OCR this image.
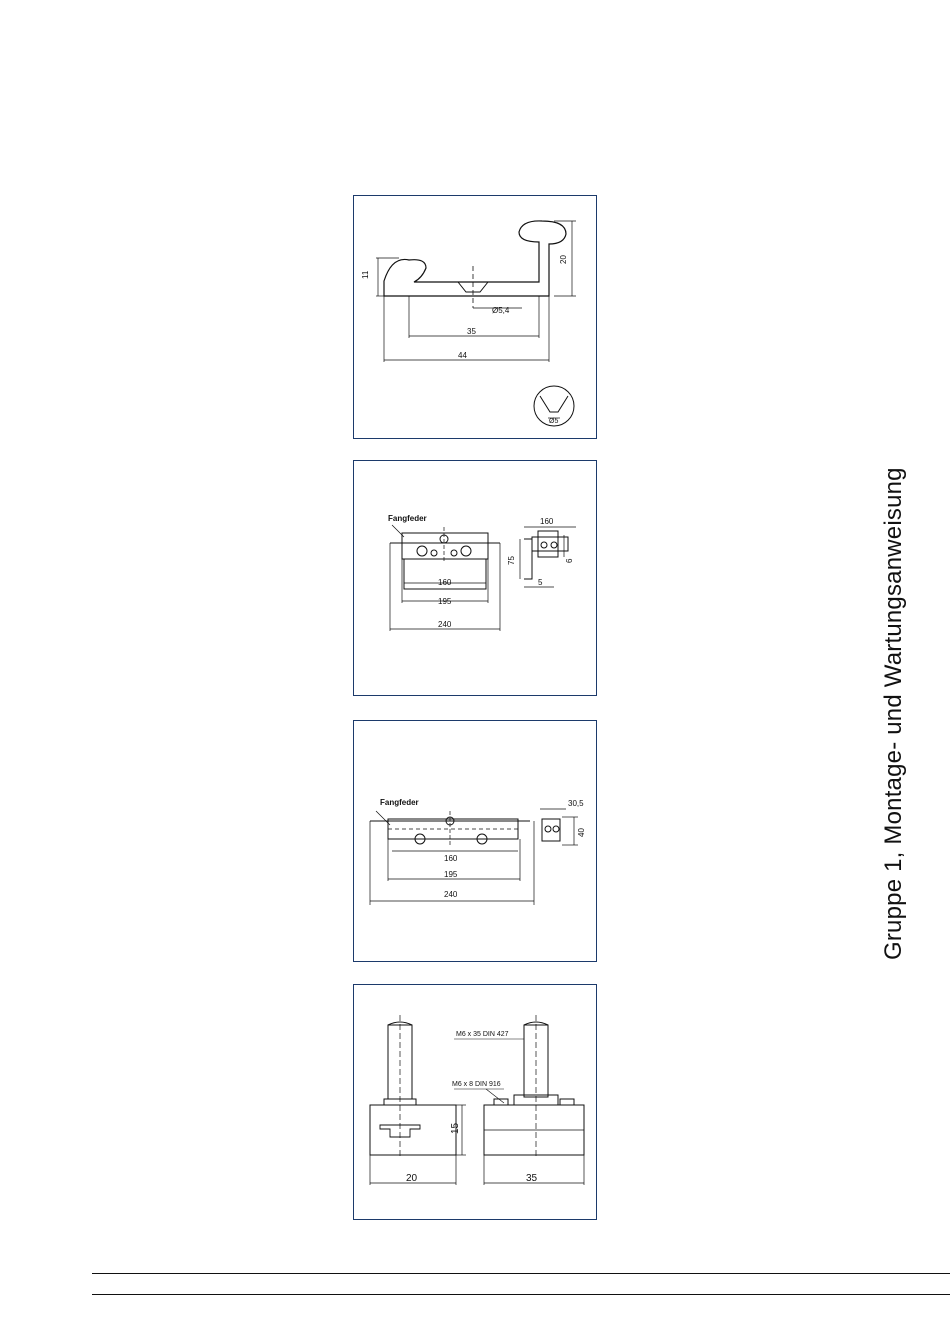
Gruppe 1, Montage- und Wartungsanweisung
11
20
Ø5,4
35
44
Ø5
Fangfeder
160
195
240
160
75
5
6
Fangfeder
160
195
240
30,5
40
M6 x 35 DIN 427
M6 x 8 DIN 916
15
20	35
